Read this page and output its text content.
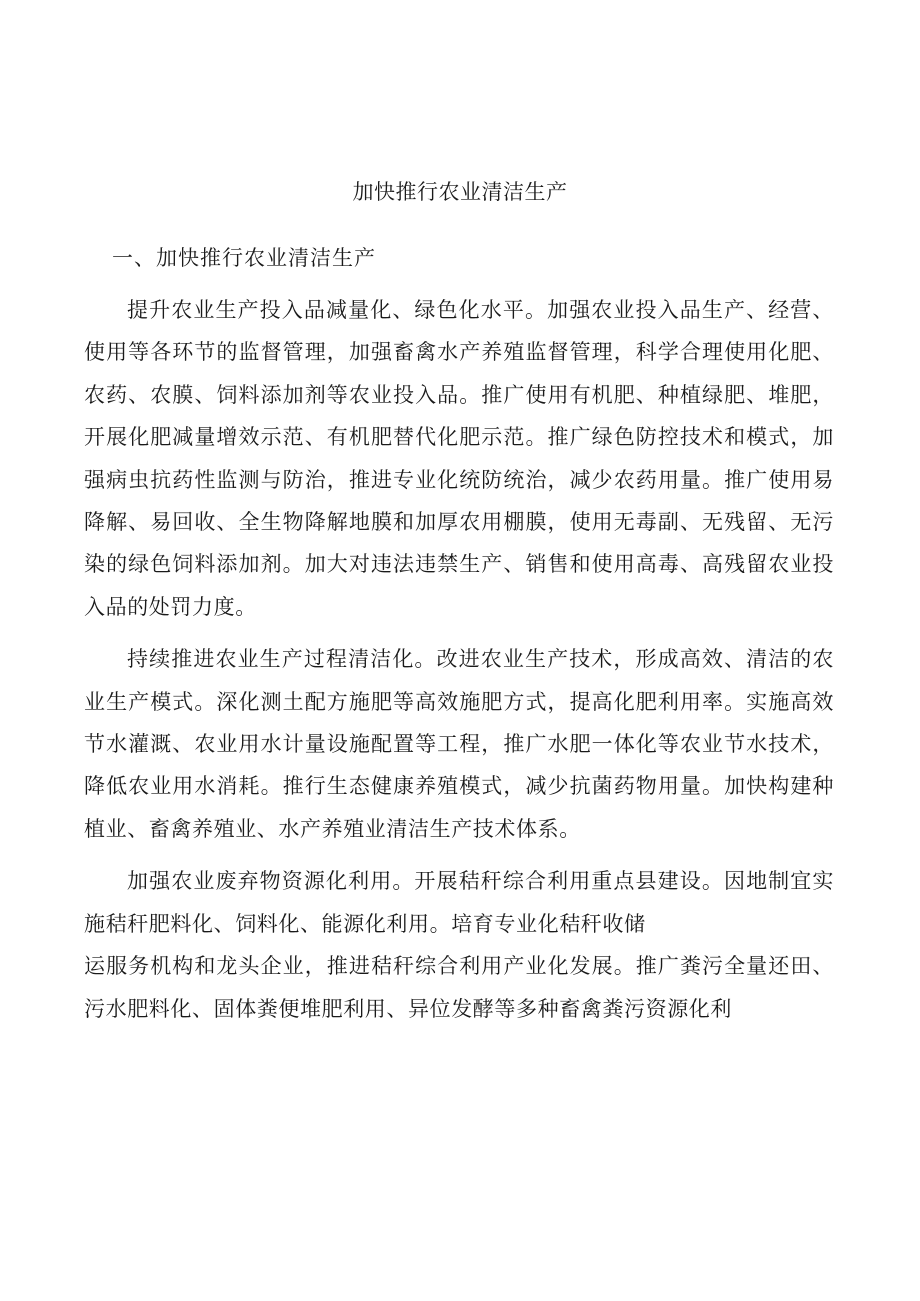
加快推行农业清洁生产
一、加快推行农业清洁生产

提升农业生产投入品减量化、绿色化水平。加强农业投入品生产、经营、使用等各环节的监督管理，加强畜禽水产养殖监督管理，科学合理使用化肥、农药、农膜、饲料添加剂等农业投入品。推广使用有机肥、种植绿肥、堆肥，开展化肥减量增效示范、有机肥替代化肥示范。推广绿色防控技术和模式，加强病虫抗药性监测与防治，推进专业化统防统治，减少农药用量。推广使用易降解、易回收、全生物降解地膜和加厚农用棚膜，使用无毒副、无残留、无污染的绿色饲料添加剂。加大对违法违禁生产、销售和使用高毒、高残留农业投入品的处罚力度。

持续推进农业生产过程清洁化。改进农业生产技术，形成高效、清洁的农业生产模式。深化测土配方施肥等高效施肥方式，提高化肥利用率。实施高效节水灌溉、农业用水计量设施配置等工程，推广水肥一体化等农业节水技术，降低农业用水消耗。推行生态健康养殖模式，减少抗菌药物用量。加快构建种植业、畜禽养殖业、水产养殖业清洁生产技术体系。

加强农业废弃物资源化利用。开展秸秆综合利用重点县建设。因地制宜实施秸秆肥料化、饲料化、能源化利用。培育专业化秸秆收储

运服务机构和龙头企业，推进秸秆综合利用产业化发展。推广粪污全量还田、污水肥料化、固体粪便堆肥利用、异位发酵等多种畜禽粪污资源化利
